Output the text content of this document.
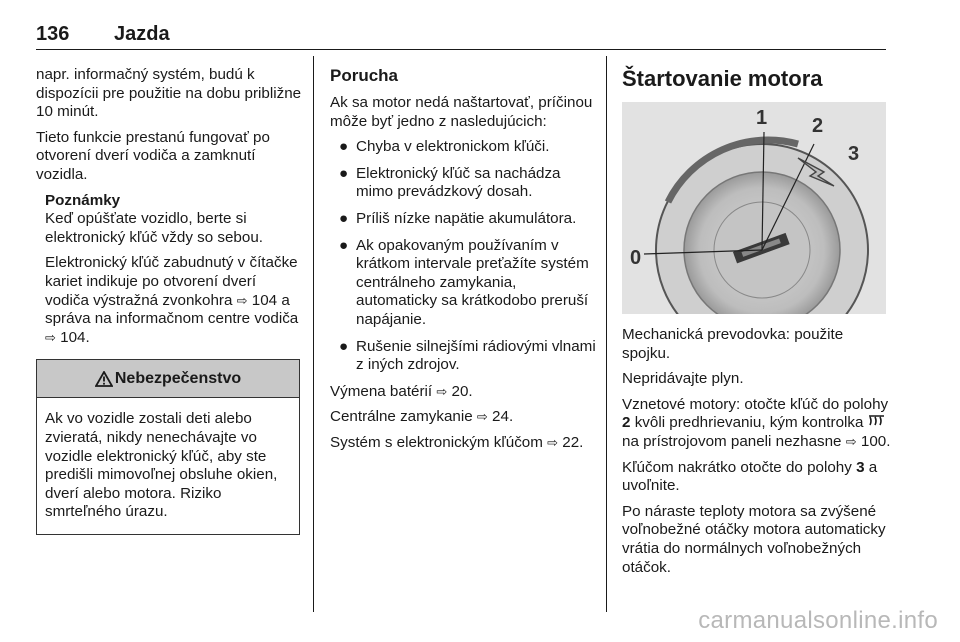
136 Jazda

napr. informačný systém, budú k dispozícii pre použitie na dobu približne 10 minút.

Tieto funkcie prestanú fungovať po otvorení dverí vodiča a zamknutí vozidla.

Poznámky

Keď opúšťate vozidlo, berte si elektronický kľúč vždy so sebou.

Elektronický kľúč zabudnutý v čítačke kariet indikuje po otvorení dverí vodiča výstražná zvonkohra ⇨ 104 a správa na informačnom centre vodiča ⇨ 104.

Nebezpečenstvo
Ak vo vozidle zostali deti alebo zvieratá, nikdy nenechávajte vo vozidle elektronický kľúč, aby ste predišli mimovoľnej obsluhe okien, dverí alebo motora. Riziko smrteľného úrazu.
Porucha

Ak sa motor nedá naštartovať, príčinou môže byť jedno z nasledujúcich:

● Chyba v elektronickom kľúči.
● Elektronický kľúč sa nachádza mimo prevádzkový dosah.
● Príliš nízke napätie akumulátora.
● Ak opakovaným používaním v krátkom intervale preťažíte systém centrálneho zamykania, automaticky sa krátkodobo preruší napájanie.
● Rušenie silnejšími rádiovými vlnami z iných zdrojov.

Výmena batérií ⇨ 20.

Centrálne zamykanie ⇨ 24.

Systém s elektronickým kľúčom ⇨ 22.

Štartovanie motora
0
1 2
3

Mechanická prevodovka: použite spojku.

Nepridávajte plyn.

Vznetové motory: otočte kľúč do polohy 2 kvôli predhrievaniu, kým kontrolka  na prístrojovom paneli nezhasne ⇨ 100.

Kľúčom nakrátko otočte do polohy 3 a uvoľnite.

Po náraste teploty motora sa zvýšené voľnobežné otáčky motora automaticky vrátia do normálnych voľnobežných otáčok.

carmanualsonline.info
